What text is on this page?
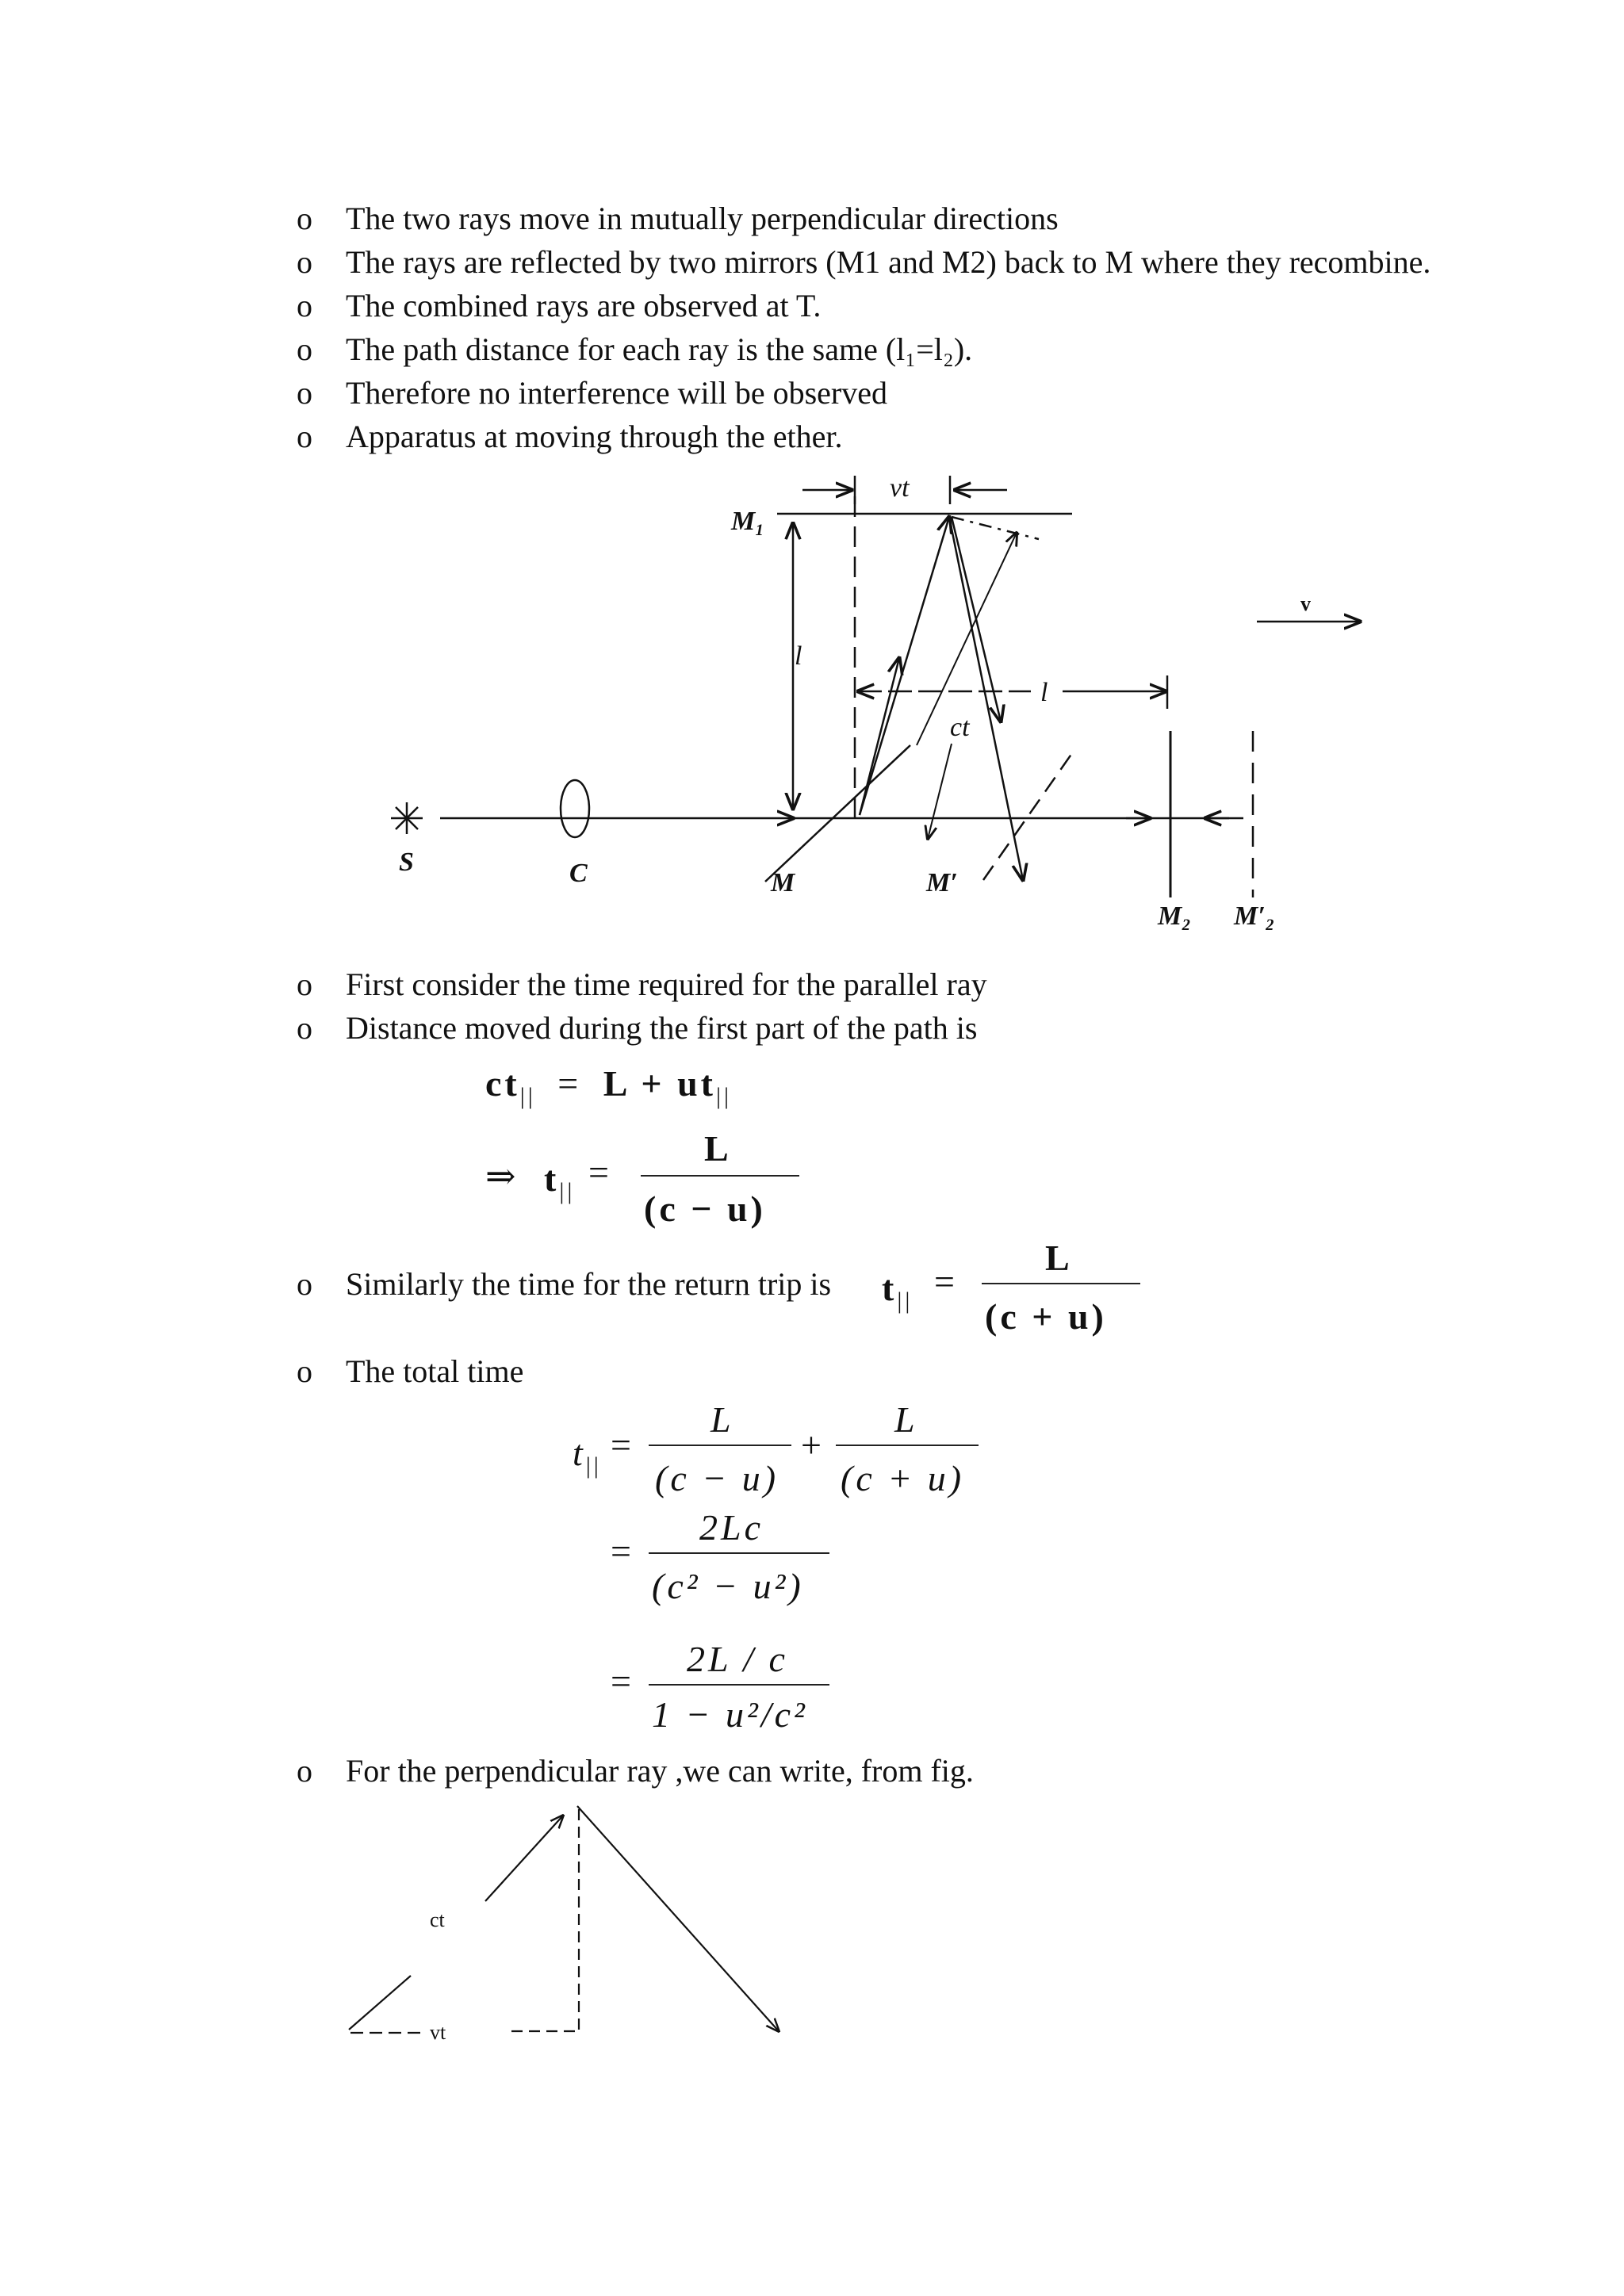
o The two rays move in mutually perpendicular directions
o The rays are reflected by two mirrors (M1 and M2) back to M where they recombine.
o The combined rays are observed at T.
o The path distance for each ray is the same (l₁=l₂).
o Therefore no interference will be observed
o Apparatus at moving through the ether.
vt
M₁
v
l
l
ct
S	C	M	M′
M₂ M′₂
o First consider the time required for the parallel ray
o Distance moved during the first part of the path is
$ct_{||} = L + ut_{||}$
⇒ $t_{||}$ =
L
(c − u)
o Similarly the time for the return trip is $t_{||}$ =
L
(c + u)
o The total time
$t_{||}$
=
L
(c − u)
+
L
(c + u)
=
2Lc
(c² − u²)
=
2L / c
1 − u²/c²
o For the perpendicular ray ,we can write, from fig.
ct
vt
